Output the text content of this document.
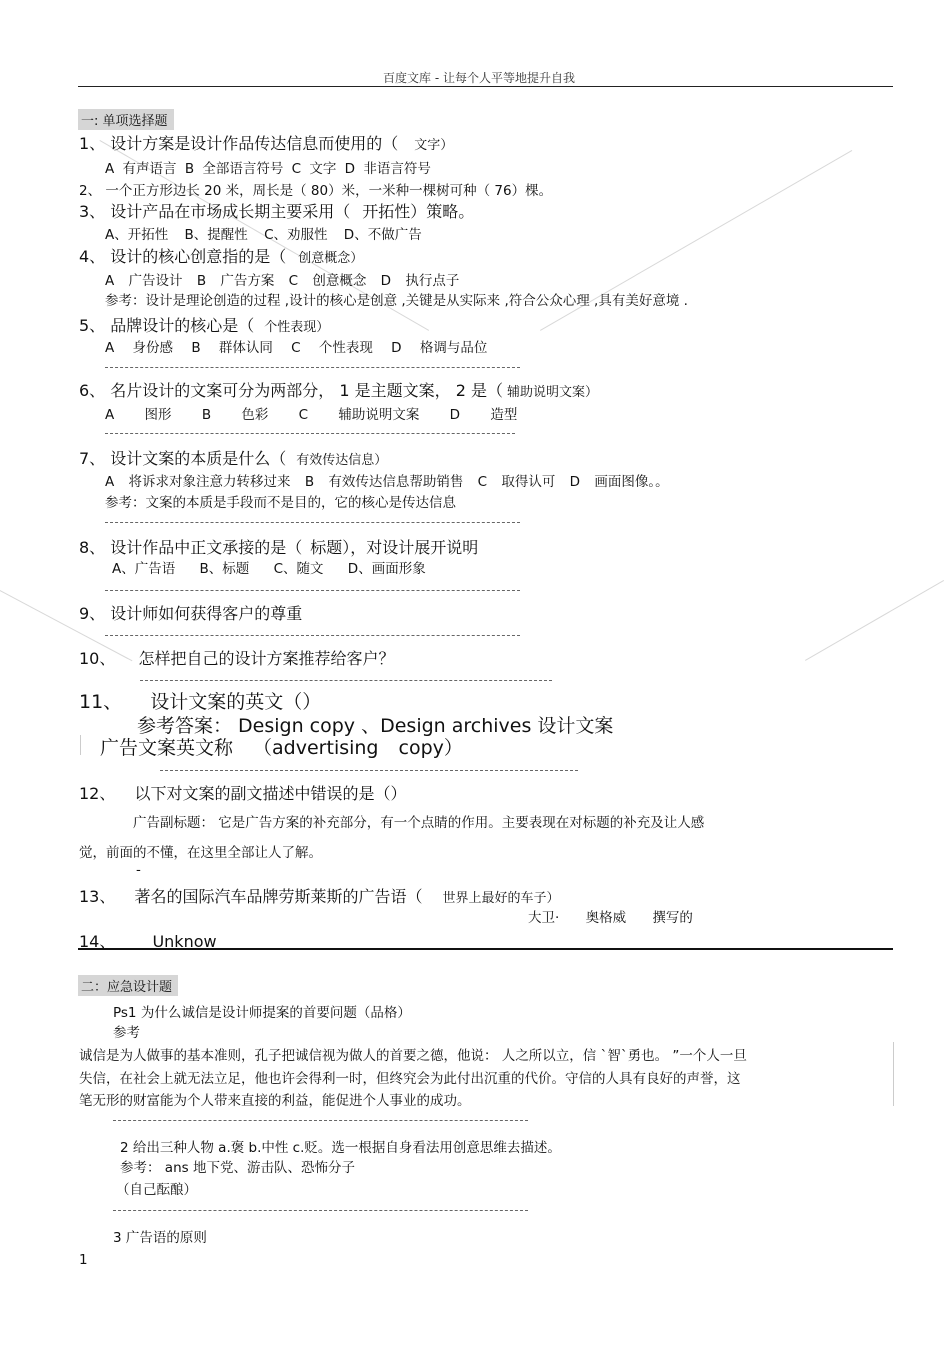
百度文库 - 让每个人平等地提升自我
一: 单项选择题
1、 设计方案是设计作品传达信息而使用的（ 文字）
A 有声语言 B 全部语言符号 C 文字 D 非语言符号
2、 一个正方形边长 20 米，周长是（ 80）米，一米种一棵树可种（ 76）棵。
3、 设计产品在市场成长期主要采用（ 开拓性）策略。
A、开拓性 B、提醒性 C、劝服性 D、不做广告
4、 设计的核心创意指的是（ 创意概念）
A 广告设计 B 广告方案 C 创意概念 D 执行点子
参考：设计是理论创造的过程 ,设计的核心是创意 ,关键是从实际来 ,符合公众心理 ,具有美好意境 .
5、 品牌设计的核心是（ 个性表现）
A 身份感 B 群体认同 C 个性表现 D 格调与品位
6、 名片设计的文案可分为两部分， 1 是主题文案， 2 是（ 辅助说明文案）
A 图形 B 色彩 C 辅助说明文案 D 造型
7、 设计文案的本质是什么（ 有效传达信息）
A 将诉求对象注意力转移过来 B 有效传达信息帮助销售 C 取得认可 D 画面图像。。
参考：文案的本质是手段而不是目的，它的核心是传达信息
8、 设计作品中正文承接的是（ 标题），对设计展开说明
A、广告语 B、标题 C、随文 D、画面形象
9、 设计师如何获得客户的尊重
10、 怎样把自己的设计方案推荐给客户？
11、 设计文案的英文（）
参考答案： Design copy 、Design archives 设计文案
广告文案英文称 （advertising copy）
12、 以下对文案的副文描述中错误的是（）
广告副标题： 它是广告方案的补充部分，有一个点睛的作用。主要表现在对标题的补充及让人感
觉，前面的不懂，在这里全部让人了解。
-
13、 著名的国际汽车品牌劳斯莱斯的广告语（ 世界上最好的车子）
大卫· 奥格威 撰写的
14、 Unknow
二：应急设计题
Ps1 为什么诚信是设计师提案的首要问题（品格）
参考
诚信是为人做事的基本准则，孔子把诚信视为做人的首要之德，他说： 人之所以立，信 `智`勇也。 ”一个人一旦
失信，在社会上就无法立足，他也许会得利一时，但终究会为此付出沉重的代价。守信的人具有良好的声誉，这
笔无形的财富能为个人带来直接的利益，能促进个人事业的成功。
2 给出三种人物 a.褒 b.中性 c.贬。选一根据自身看法用创意思维去描述。
参考： ans 地下党、游击队、恐怖分子
（自己酝酿）
3 广告语的原则
1
